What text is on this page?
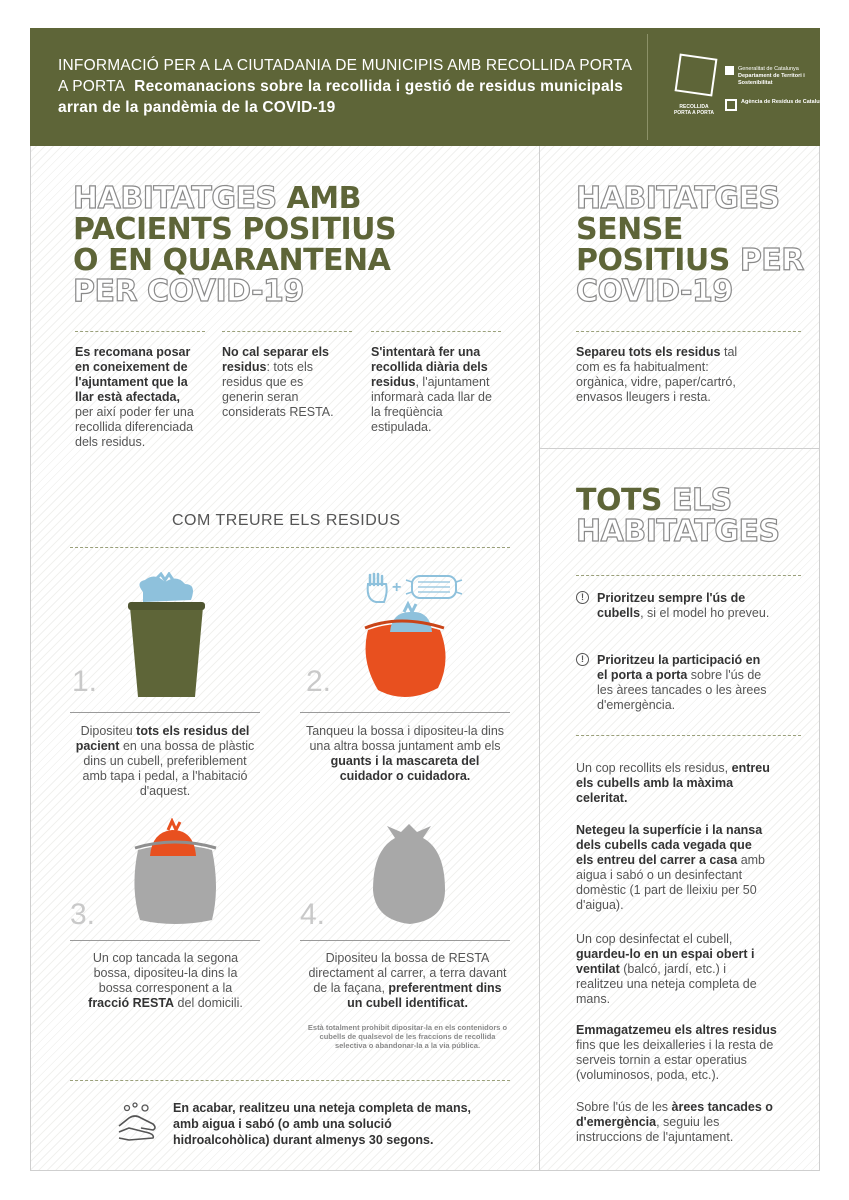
INFORMACIÓ PER A LA CIUTADANIA DE MUNICIPIS AMB RECOLLIDA PORTA A PORTA Recomanacions sobre la recollida i gestió de residus municipals arran de la pandèmia de la COVID-19	RECOLLIDA PORTA A PORTA
Generalitat de Catalunya
Departament de Territori i Sostenibilitat
Agència de Residus de Catalunya
HABITATGES AMB
PACIENTS POSITIUS
O EN QUARANTENA
PER COVID-19
Es recomana posar en coneixement de l'ajuntament que la llar està afectada, per així poder fer una recollida diferenciada dels residus.
No cal separar els residus: tots els residus que es generin seran considerats RESTA.
S'intentarà fer una recollida diària dels residus, l'ajuntament informarà cada llar de la freqüència estipulada.
COM TREURE ELS RESIDUS
1.
Dipositeu tots els residus del pacient en una bossa de plàstic dins un cubell, preferiblement amb tapa i pedal, a l'habitació d'aquest.
+
2.
Tanqueu la bossa i dipositeu-la dins una altra bossa juntament amb els guants i la mascareta del cuidador o cuidadora.
3.
Un cop tancada la segona bossa, dipositeu-la dins la bossa corresponent a la fracció RESTA del domicili.
4.
Dipositeu la bossa de RESTA directament al carrer, a terra davant de la façana, preferentment dins un cubell identificat.
Està totalment prohibit dipositar-la en els contenidors o cubells de qualsevol de les fraccions de recollida selectiva o abandonar-la a la via pública.
En acabar, realitzeu una neteja completa de mans, amb aigua i sabó (o amb una solució hidroalcohòlica) durant almenys 30 segons.
HABITATGES
SENSE
POSITIUS PER
COVID-19
Separeu tots els residus tal com es fa habitualment: orgànica, vidre, paper/cartró, envasos lleugers i resta.
TOTS ELS
HABITATGES
!	Prioritzeu sempre l'ús de cubells, si el model ho preveu.
!	Prioritzeu la participació en el porta a porta sobre l'ús de les àrees tancades o les àrees d'emergència.
Un cop recollits els residus, entreu els cubells amb la màxima celeritat.
Netegeu la superfície i la nansa dels cubells cada vegada que els entreu del carrer a casa amb aigua i sabó o un desinfectant domèstic (1 part de lleixiu per 50 d'aigua).
Un cop desinfectat el cubell, guardeu-lo en un espai obert i ventilat (balcó, jardí, etc.) i realitzeu una neteja completa de mans.
Emmagatzemeu els altres residus fins que les deixalleries i la resta de serveis tornin a estar operatius (voluminosos, poda, etc.).
Sobre l'ús de les àrees tancades o d'emergència, seguiu les instruccions de l'ajuntament.
